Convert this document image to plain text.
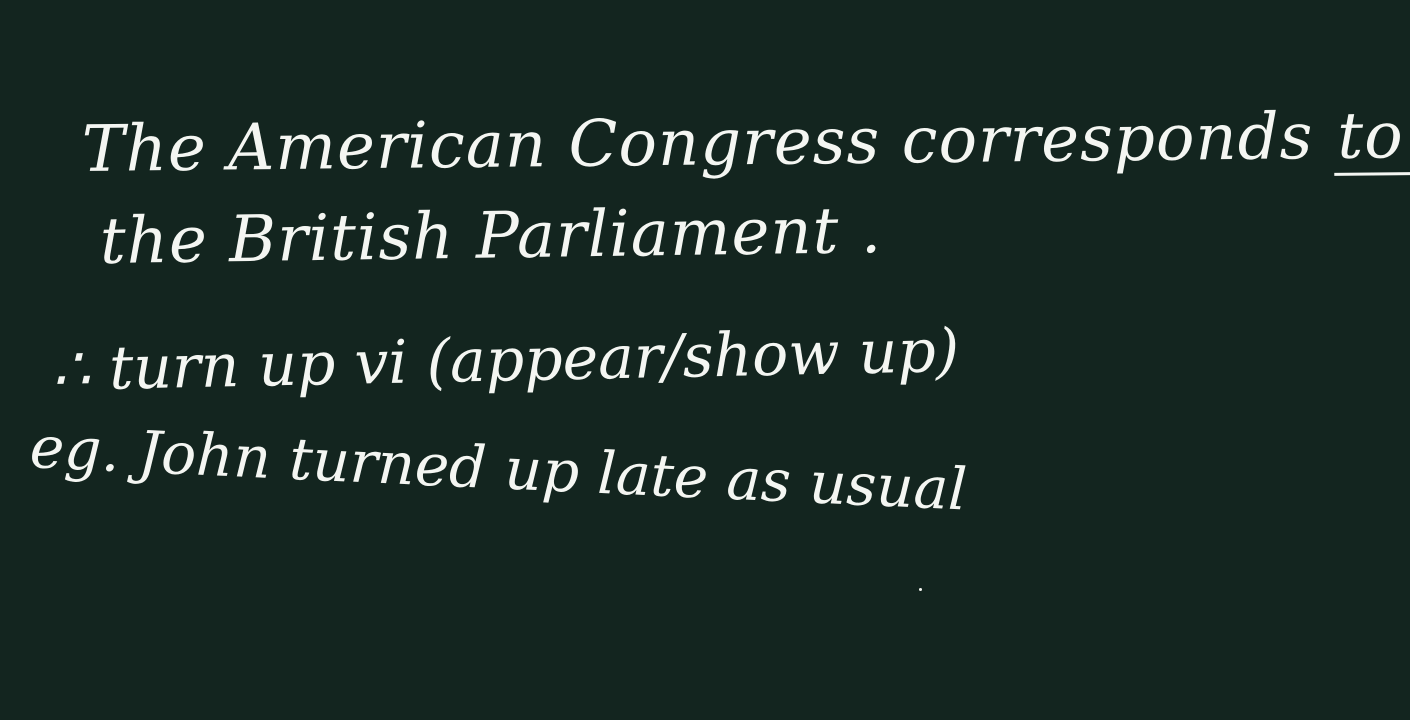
The American Congress corresponds to

the British Parliament .

∴ turn up vi (appear/show up)

eg. John turned up late as usual
